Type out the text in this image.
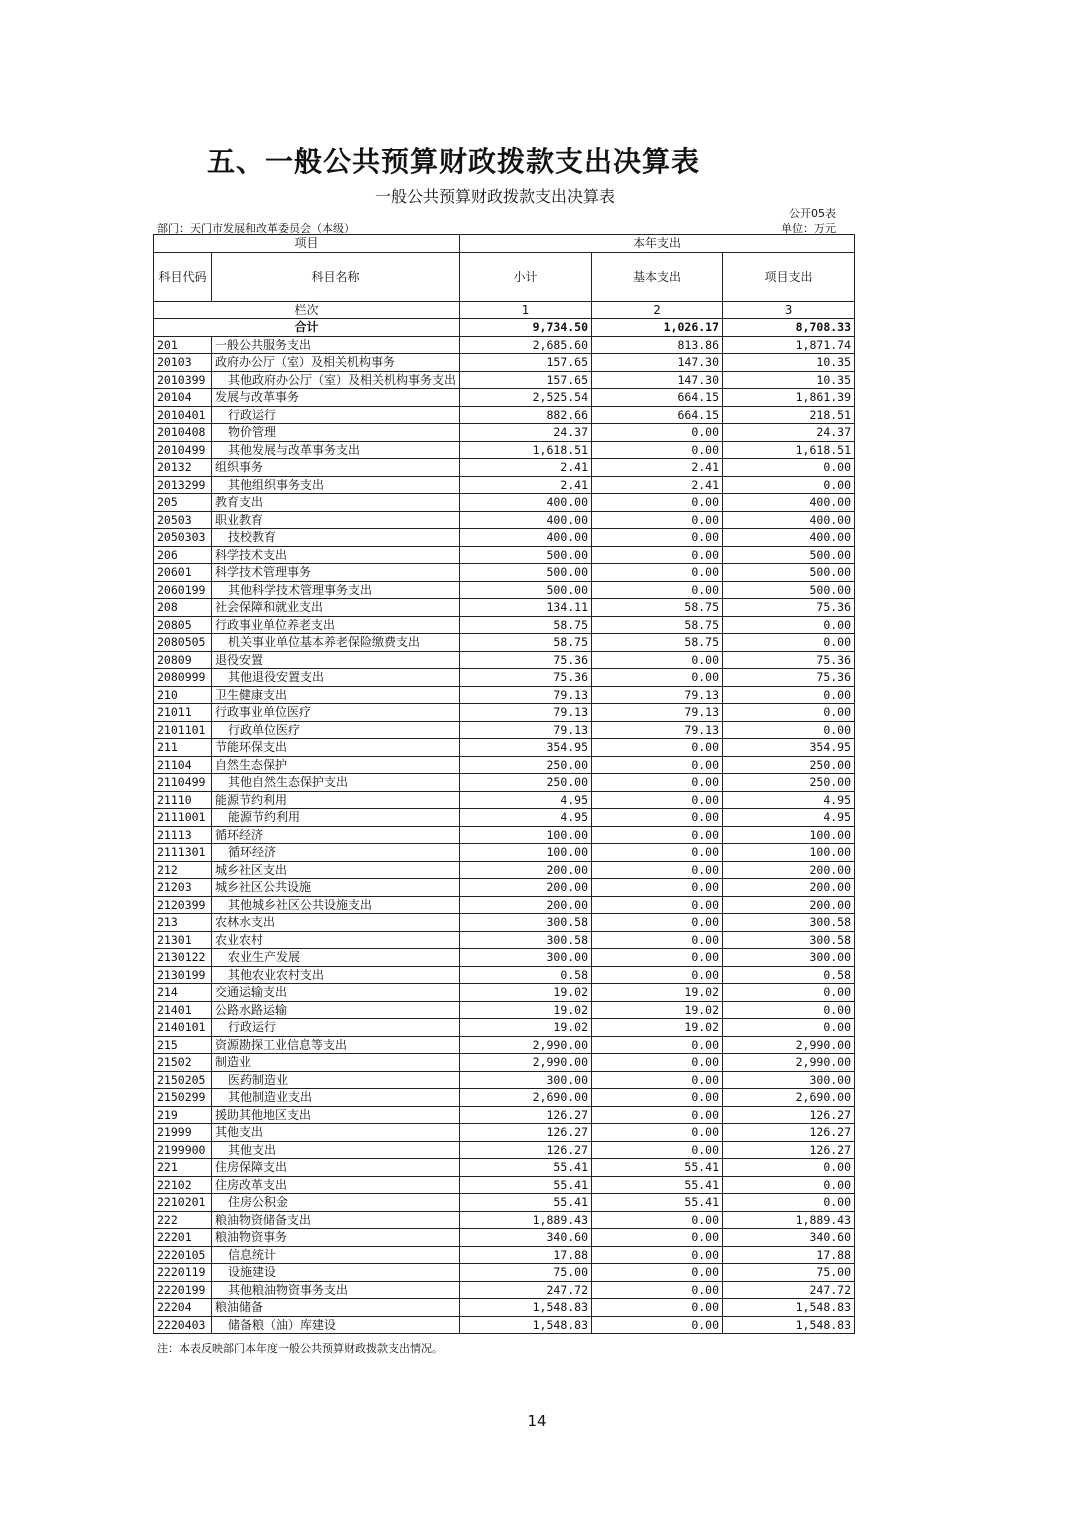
五、一般公共预算财政拨款支出决算表
一般公共预算财政拨款支出决算表
公开05表
部门：天门市发展和改革委员会（本级）	单位：万元
项目		本年支出		
科目代码	科目名称	小计	基本支出	项目支出
栏次		1	2	3
合计		9,734.50	1,026.17	8,708.33
201	一般公共服务支出	2,685.60	813.86	1,871.74
20103	政府办公厅（室）及相关机构事务	157.65	147.30	10.35
2010399	其他政府办公厅（室）及相关机构事务支出	157.65	147.30	10.35
20104	发展与改革事务	2,525.54	664.15	1,861.39
2010401	行政运行	882.66	664.15	218.51
2010408	物价管理	24.37	0.00	24.37
2010499	其他发展与改革事务支出	1,618.51	0.00	1,618.51
20132	组织事务	2.41	2.41	0.00
2013299	其他组织事务支出	2.41	2.41	0.00
205	教育支出	400.00	0.00	400.00
20503	职业教育	400.00	0.00	400.00
2050303	技校教育	400.00	0.00	400.00
206	科学技术支出	500.00	0.00	500.00
20601	科学技术管理事务	500.00	0.00	500.00
2060199	其他科学技术管理事务支出	500.00	0.00	500.00
208	社会保障和就业支出	134.11	58.75	75.36
20805	行政事业单位养老支出	58.75	58.75	0.00
2080505	机关事业单位基本养老保险缴费支出	58.75	58.75	0.00
20809	退役安置	75.36	0.00	75.36
2080999	其他退役安置支出	75.36	0.00	75.36
210	卫生健康支出	79.13	79.13	0.00
21011	行政事业单位医疗	79.13	79.13	0.00
2101101	行政单位医疗	79.13	79.13	0.00
211	节能环保支出	354.95	0.00	354.95
21104	自然生态保护	250.00	0.00	250.00
2110499	其他自然生态保护支出	250.00	0.00	250.00
21110	能源节约利用	4.95	0.00	4.95
2111001	能源节约利用	4.95	0.00	4.95
21113	循环经济	100.00	0.00	100.00
2111301	循环经济	100.00	0.00	100.00
212	城乡社区支出	200.00	0.00	200.00
21203	城乡社区公共设施	200.00	0.00	200.00
2120399	其他城乡社区公共设施支出	200.00	0.00	200.00
213	农林水支出	300.58	0.00	300.58
21301	农业农村	300.58	0.00	300.58
2130122	农业生产发展	300.00	0.00	300.00
2130199	其他农业农村支出	0.58	0.00	0.58
214	交通运输支出	19.02	19.02	0.00
21401	公路水路运输	19.02	19.02	0.00
2140101	行政运行	19.02	19.02	0.00
215	资源勘探工业信息等支出	2,990.00	0.00	2,990.00
21502	制造业	2,990.00	0.00	2,990.00
2150205	医药制造业	300.00	0.00	300.00
2150299	其他制造业支出	2,690.00	0.00	2,690.00
219	援助其他地区支出	126.27	0.00	126.27
21999	其他支出	126.27	0.00	126.27
2199900	其他支出	126.27	0.00	126.27
221	住房保障支出	55.41	55.41	0.00
22102	住房改革支出	55.41	55.41	0.00
2210201	住房公积金	55.41	55.41	0.00
222	粮油物资储备支出	1,889.43	0.00	1,889.43
22201	粮油物资事务	340.60	0.00	340.60
2220105	信息统计	17.88	0.00	17.88
2220119	设施建设	75.00	0.00	75.00
2220199	其他粮油物资事务支出	247.72	0.00	247.72
22204	粮油储备	1,548.83	0.00	1,548.83
2220403	储备粮（油）库建设	1,548.83	0.00	1,548.83
注：本表反映部门本年度一般公共预算财政拨款支出情况。
14
